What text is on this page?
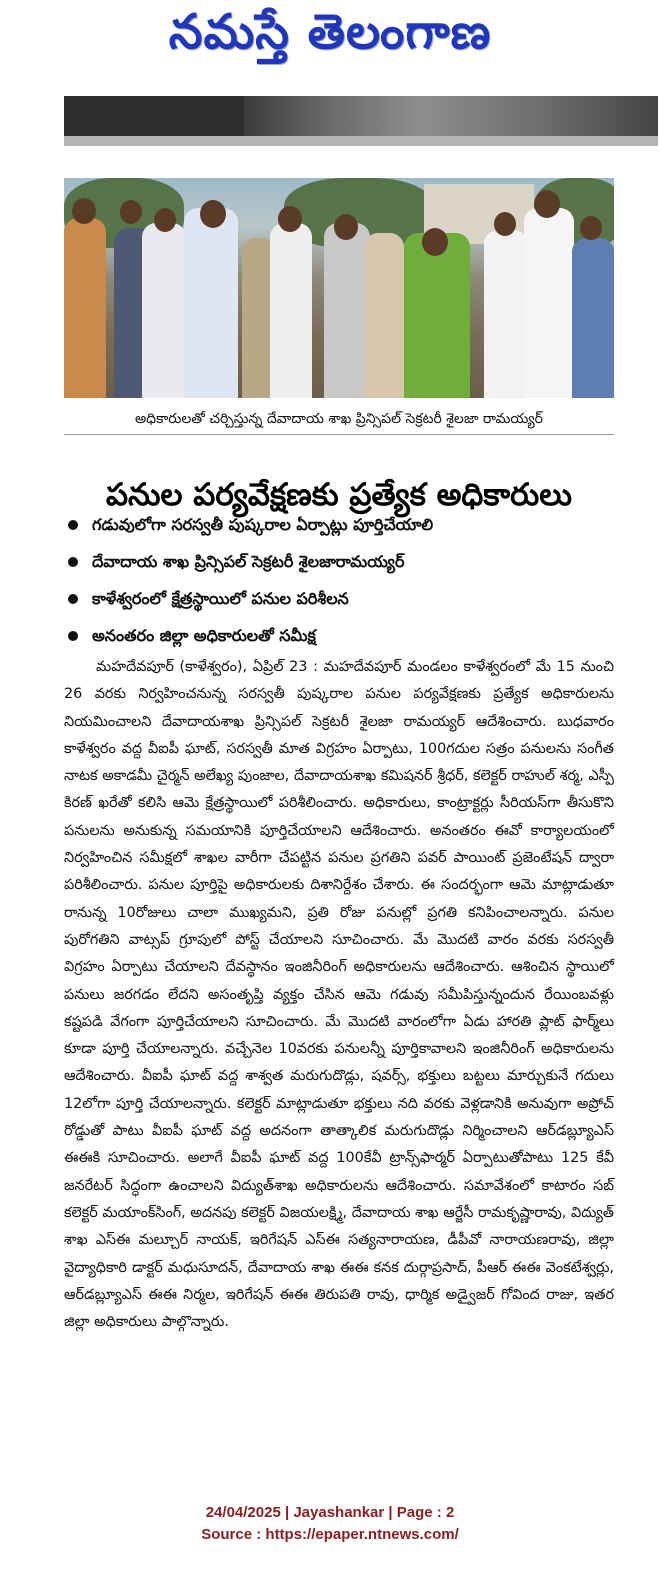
నమస్తే తెలంగాణ
అధికారులతో చర్చిస్తున్న దేవాదాయ శాఖ ప్రిన్సిపల్ సెక్రటరీ శైలజా రామయ్యర్
పనుల పర్యవేక్షణకు ప్రత్యేక అధికారులు
గడువులోగా సరస్వతీ పుష్కరాల ఏర్పాట్లు పూర్తిచేయాలి
దేవాదాయ శాఖ ప్రిన్సిపల్ సెక్రటరీ శైలజారామయ్యర్
కాళేశ్వరంలో క్షేత్రస్థాయిలో పనుల పరిశీలన
అనంతరం జిల్లా అధికారులతో సమీక్ష

మహదేవపూర్ (కాళేశ్వరం), ఏప్రిల్ 23 : మహదేవపూర్ మండలం కాళేశ్వరంలో మే 15 నుంచి 26 వరకు నిర్వహించనున్న సరస్వతీ పుష్కరాల పనుల పర్యవేక్షణకు ప్రత్యేక అధికారులను నియమించాలని దేవాదాయశాఖ ప్రిన్సిపల్ సెక్రటరీ శైలజా రామయ్యర్ ఆదేశించారు. బుధవారం కాళేశ్వరం వద్ద వీఐపీ ఘాట్, సరస్వతీ మాత విగ్రహం ఏర్పాటు, 100గదుల సత్రం పనులను సంగీత నాటక అకాడమీ చైర్మన్ అలేఖ్య పుంజాల, దేవాదాయశాఖ కమిషనర్ శ్రీధర్, కలెక్టర్ రాహుల్ శర్మ, ఎస్పీ కిరణ్ ఖరేతో కలిసి ఆమె క్షేత్రస్థాయిలో పరిశీలించారు. అధికారులు, కాంట్రాక్టర్లు సీరియస్‌గా తీసుకొని పనులను అనుకున్న సమయానికి పూర్తిచేయాలని ఆదేశించారు. అనంతరం ఈవో కార్యాలయంలో నిర్వహించిన సమీక్షలో శాఖల వారీగా చేపట్టిన పనుల ప్రగతిని పవర్ పాయింట్ ప్రజెంటేషన్ ద్వారా పరిశీలించారు. పనుల పూర్తిపై అధికారులకు దిశానిర్దేశం చేశారు. ఈ సందర్భంగా ఆమె మాట్లాడుతూ రానున్న 10రోజులు చాలా ముఖ్యమని, ప్రతి రోజు పనుల్లో ప్రగతి కనిపించాలన్నారు. పనుల పురోగతిని వాట్సప్ గ్రూపులో పోస్ట్ చేయాలని సూచించారు. మే మొదటి వారం వరకు సరస్వతీ విగ్రహం ఏర్పాటు చేయాలని దేవస్థానం ఇంజినీరింగ్ అధికారులను ఆదేశించారు. ఆశించిన స్థాయిలో పనులు జరగడం లేదని అసంతృప్తి వ్యక్తం చేసిన ఆమె గడువు సమీపిస్తున్నందున రేయింబవళ్లు కష్టపడి వేగంగా పూర్తిచేయాలని సూచించారు. మే మొదటి వారంలోగా ఏడు హారతి ప్లాట్ ఫార్మ్‌లు కూడా పూర్తి చేయాలన్నారు. వచ్చేనెల 10వరకు పనులన్నీ పూర్తికావాలని ఇంజినీరింగ్ అధికారులను ఆదేశించారు. వీఐపీ ఘాట్ వద్ద శాశ్వత మరుగుదొడ్లు, షవర్స్, భక్తులు బట్టలు మార్చుకునే గదులు 12లోగా పూర్తి చేయాలన్నారు. కలెక్టర్ మాట్లాడుతూ భక్తులు నది వరకు వెళ్లడానికి అనువుగా అప్రోచ్ రోడ్డుతో పాటు వీఐపీ ఘాట్ వద్ద అదనంగా తాత్కాలిక మరుగుదొడ్లు నిర్మించాలని ఆర్‌డబ్ల్యూఎస్ ఈఈకి సూచించారు. అలాగే వీఐపీ ఘాట్ వద్ద 100కేవీ ట్రాన్స్‌ఫార్మర్ ఏర్పాటుతోపాటు 125 కేవీ జనరేటర్ సిద్ధంగా ఉంచాలని విద్యుత్‌శాఖ అధికారులను ఆదేశించారు. సమావేశంలో కాటారం సబ్ కలెక్టర్ మయాంక్‌సింగ్, అదనపు కలెక్టర్ విజయలక్ష్మి, దేవాదాయ శాఖ ఆర్జేసీ రామకృష్ణారావు, విద్యుత్ శాఖ ఎస్ఈ మల్చూర్ నాయక్, ఇరిగేషన్ ఎస్ఈ సత్యనారాయణ, డీపీవో నారాయణరావు, జిల్లా వైద్యాధికారి డాక్టర్ మధుసూదన్, దేవాదాయ శాఖ ఈఈ కనక దుర్గాప్రసాద్, పీఆర్ ఈఈ వెంకటేశ్వర్లు, ఆర్‌డబ్ల్యూఎస్ ఈఈ నిర్మల, ఇరిగేషన్ ఈఈ తిరుపతి రావు, ధార్మిక అడ్వైజర్ గోవింద రాజు, ఇతర జిల్లా అధికారులు పాల్గొన్నారు.

24/04/2025 | Jayashankar | Page : 2
Source : https://epaper.ntnews.com/
